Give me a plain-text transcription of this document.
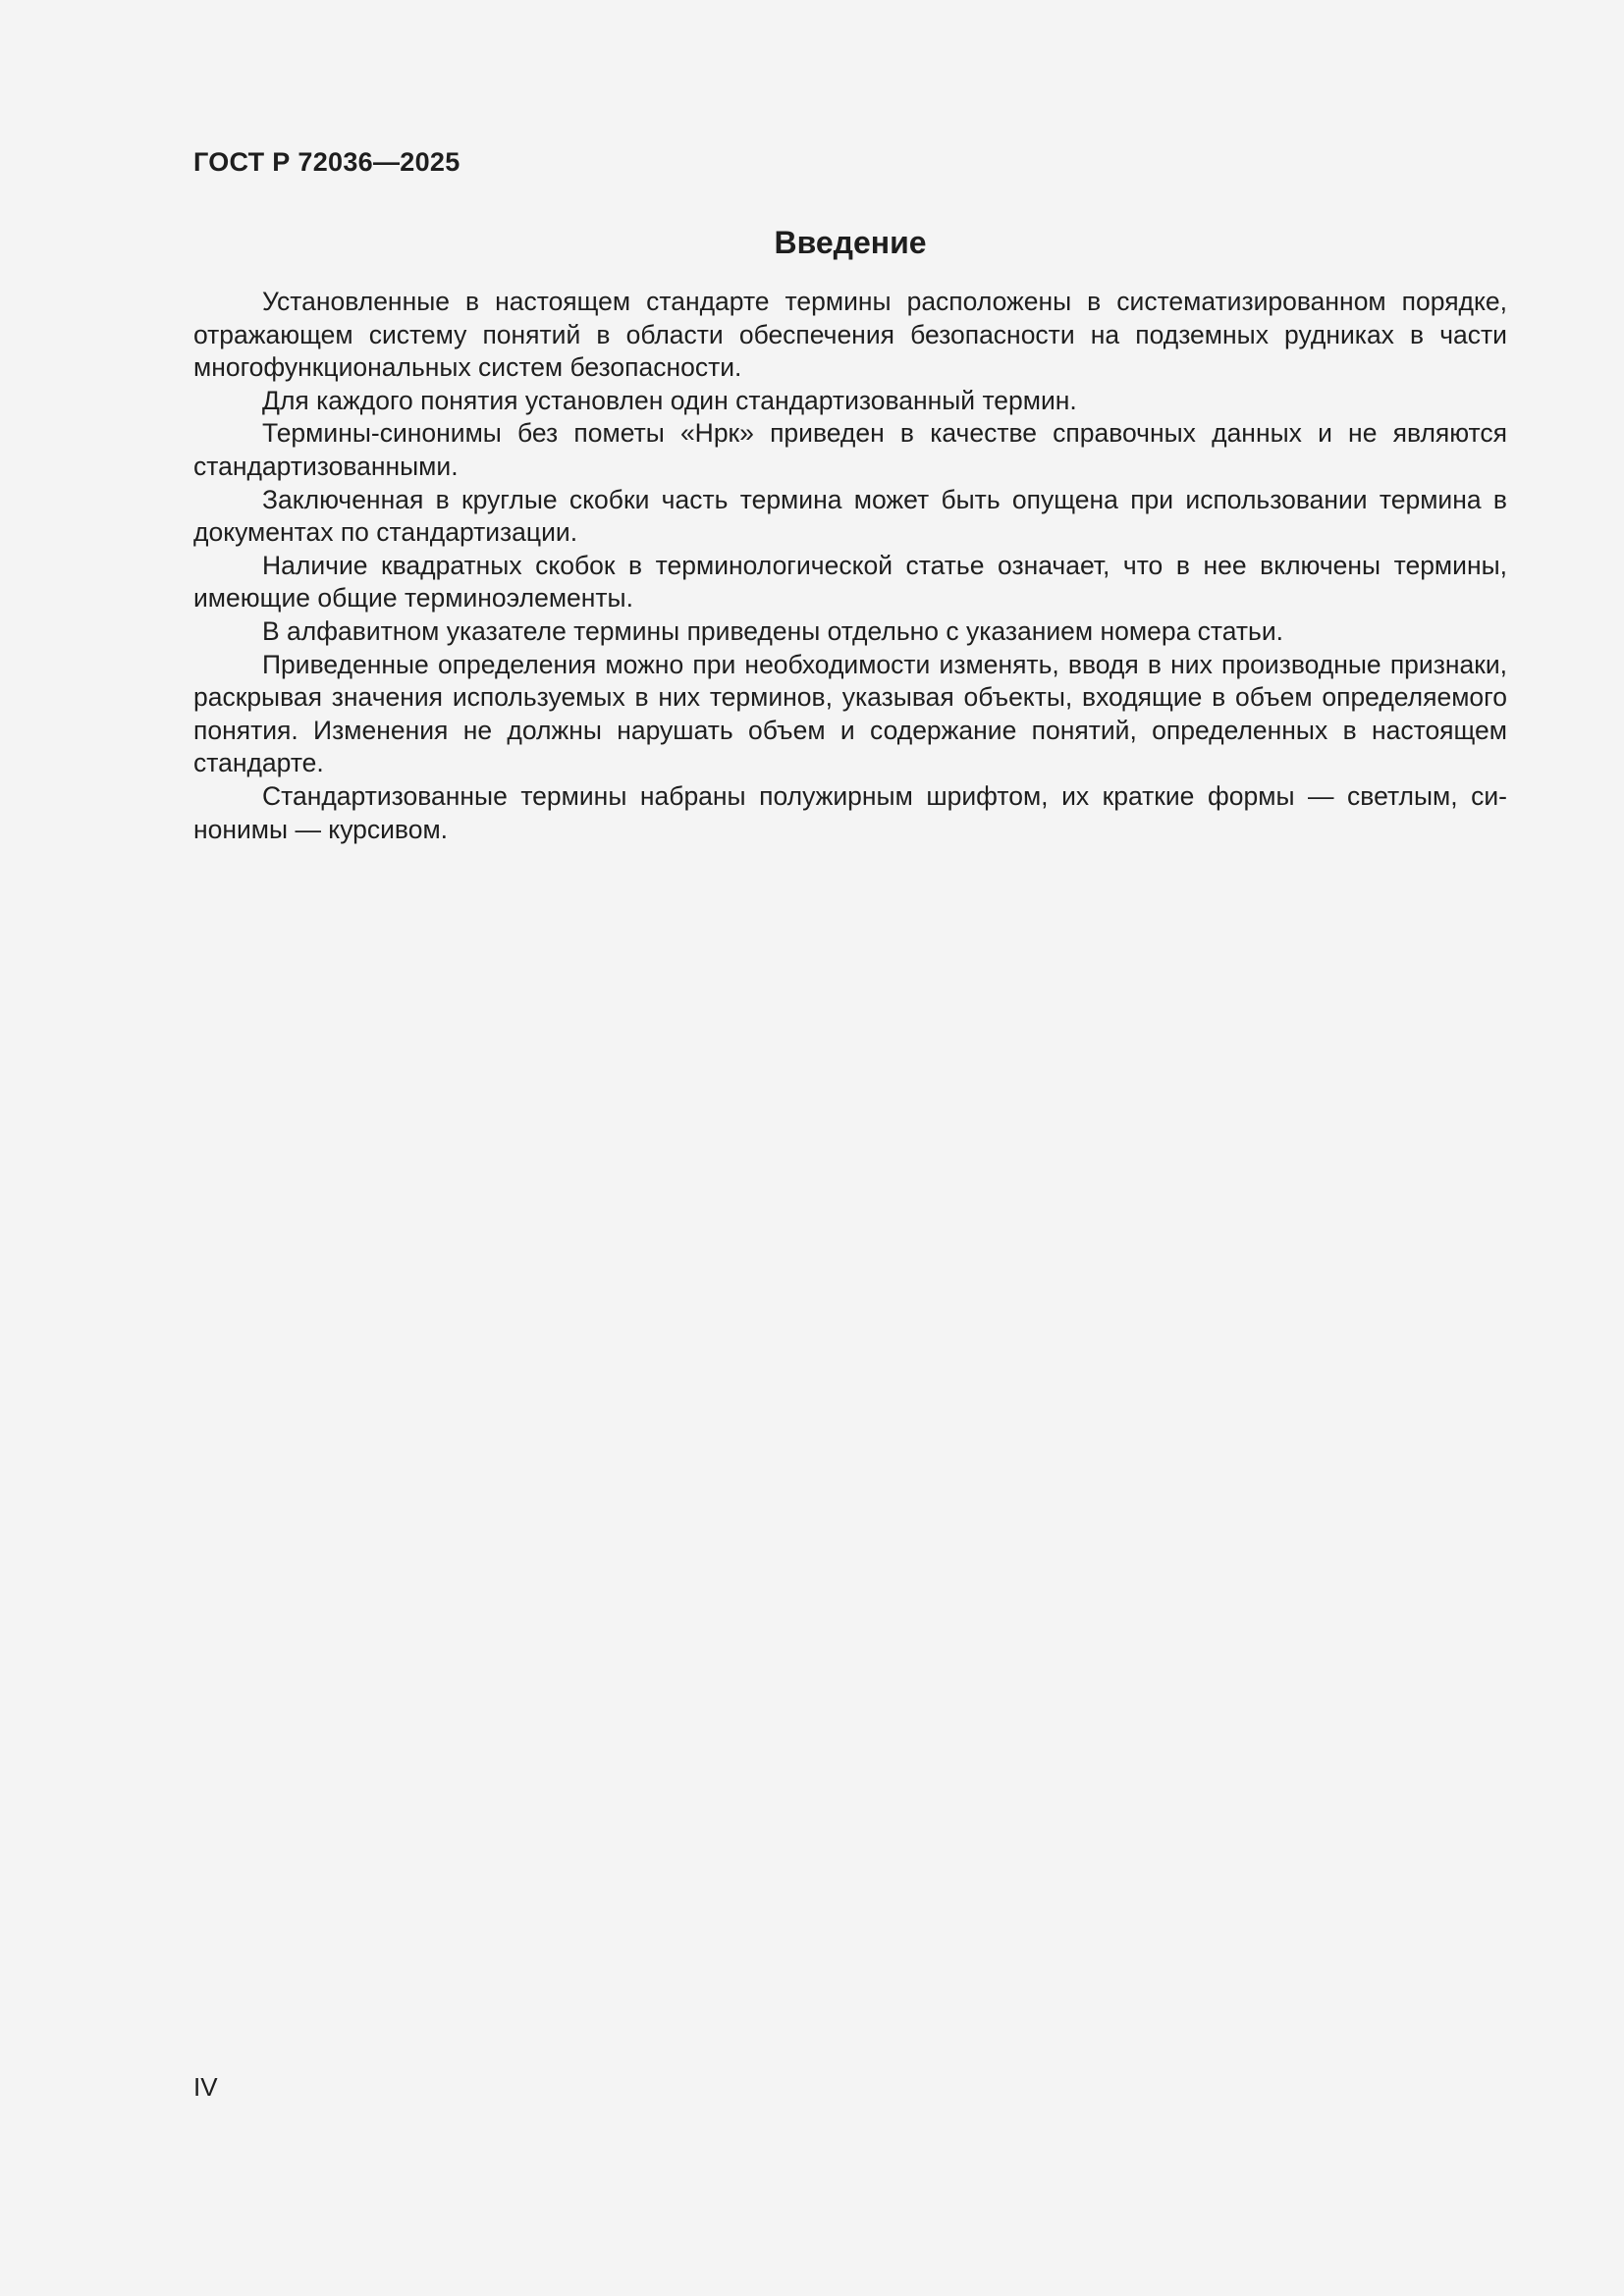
ГОСТ Р 72036—2025
Введение

Установленные в настоящем стандарте термины расположены в систематизированном порядке, отражающем систему понятий в области обеспечения безопасности на подземных рудниках в части многофункциональных систем безопасности.

Для каждого понятия установлен один стандартизованный термин.

Термины-синонимы без пометы «Нрк» приведен в качестве справочных данных и не являются стандартизованными.

Заключенная в круглые скобки часть термина может быть опущена при использовании термина в документах по стандартизации.

Наличие квадратных скобок в терминологической статье означает, что в нее включены термины, имеющие общие терминоэлементы.

В алфавитном указателе термины приведены отдельно с указанием номера статьи.

Приведенные определения можно при необходимости изменять, вводя в них производные признаки, раскрывая значения используемых в них терминов, указывая объекты, входящие в объем определяемого понятия. Изменения не должны нарушать объем и содержание понятий, определенных в настоящем стандарте.

Стандартизованные термины набраны полужирным шрифтом, их краткие формы — светлым, синонимы — курсивом.

IV
